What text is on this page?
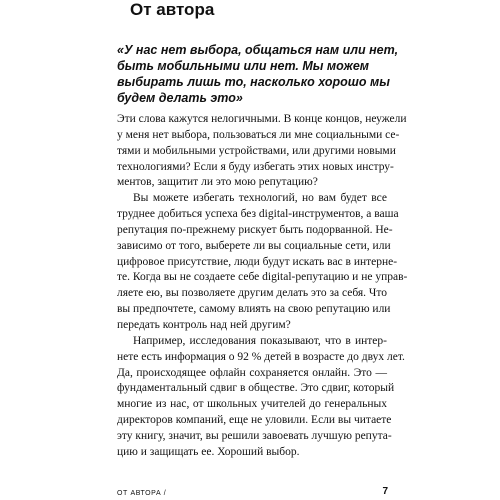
От автора

«У нас нет выбора, общаться нам или нет,
быть мобильными или нет. Мы можем
выбирать лишь то, насколько хорошо мы
будем делать это»

Эти слова кажутся нелогичными. В конце концов, неужели
у меня нет выбора, пользоваться ли мне социальными се-
тями и мобильными устройствами, или другими новыми
технологиями? Если я буду избегать этих новых инстру-
ментов, защитит ли это мою репутацию?
Вы можете избегать технологий, но вам будет все
труднее добиться успеха без digital-инструментов, а ваша
репутация по-прежнему рискует быть подорванной. Не-
зависимо от того, выберете ли вы социальные сети, или
цифровое присутствие, люди будут искать вас в интерне-
те. Когда вы не создаете себе digital-репутацию и не управ-
ляете ею, вы позволяете другим делать это за себя. Что
вы предпочтете, самому влиять на свою репутацию или
передать контроль над ней другим?
Например, исследования показывают, что в интер-
нете есть информация о 92 % детей в возрасте до двух лет.
Да, происходящее офлайн сохраняется онлайн. Это —
фундаментальный сдвиг в обществе. Это сдвиг, который
многие из нас, от школьных учителей до генеральных
директоров компаний, еще не уловили. Если вы читаете
эту книгу, значит, вы решили завоевать лучшую репута-
цию и защищать ее. Хороший выбор.
ОТ АВТОРА /	7
